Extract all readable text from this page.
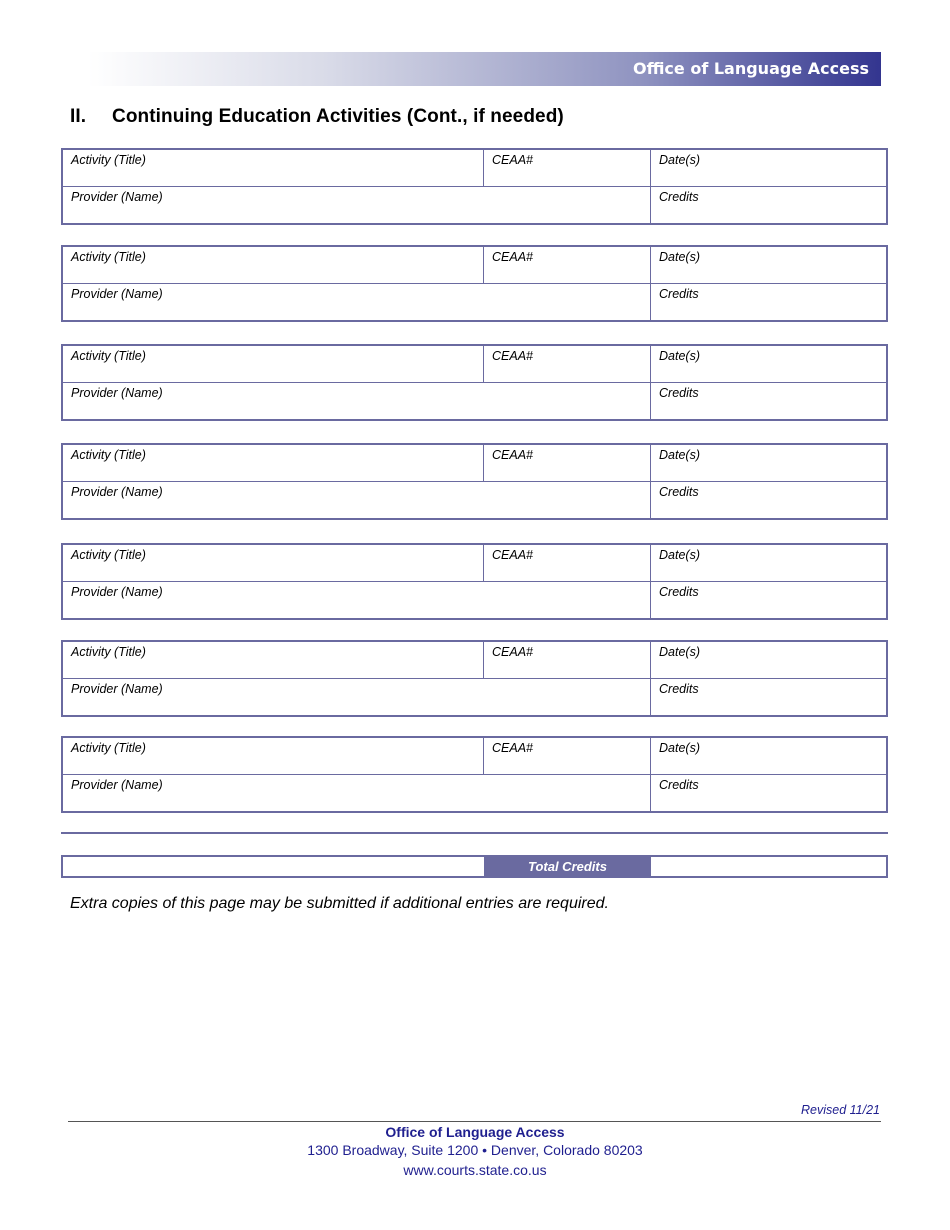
Office of Language Access
II. Continuing Education Activities (Cont., if needed)
Activity (Title)	CEAA#	Date(s)
Provider (Name)	Credits
Activity (Title)	CEAA#	Date(s)
Provider (Name)	Credits
Activity (Title)	CEAA#	Date(s)
Provider (Name)	Credits
Activity (Title)	CEAA#	Date(s)
Provider (Name)	Credits
Activity (Title)	CEAA#	Date(s)
Provider (Name)	Credits
Activity (Title)	CEAA#	Date(s)
Provider (Name)	Credits
Activity (Title)	CEAA#	Date(s)
Provider (Name)	Credits
Total Credits
Extra copies of this page may be submitted if additional entries are required.
Revised 11/21
Office of Language Access
1300 Broadway, Suite 1200 • Denver, Colorado 80203
www.courts.state.co.us
